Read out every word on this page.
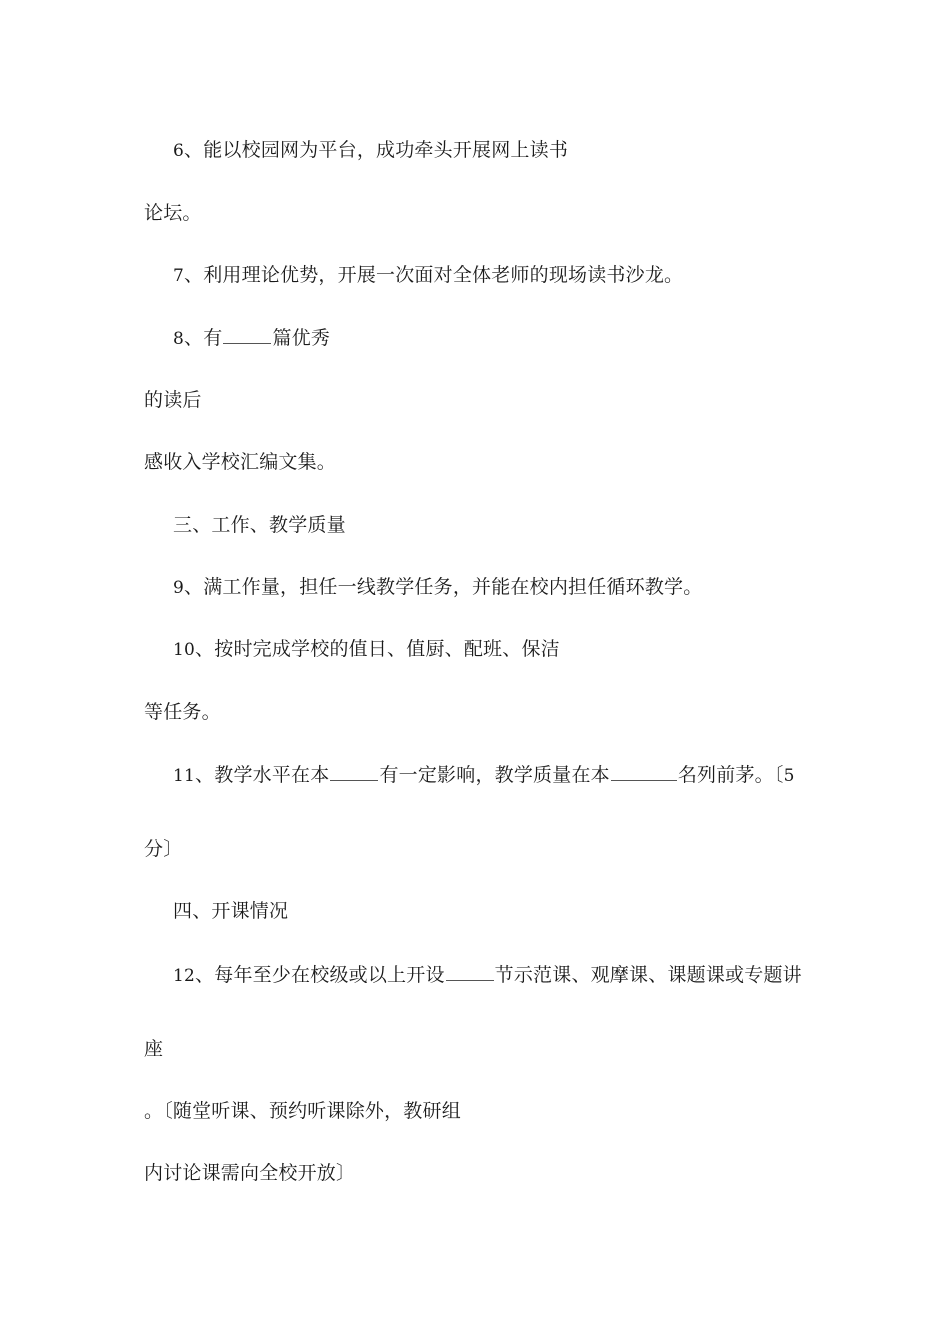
6、能以校园网为平台，成功牵头开展网上读书
论坛。
7、利用理论优势，开展一次面对全体老师的现场读书沙龙。
8、有	篇优秀
的读后
感收入学校汇编文集。
三、工作、教学质量
9、满工作量，担任一线教学任务，并能在校内担任循环教学。
10、按时完成学校的值日、值厨、配班、保洁
等任务。
11、教学水平在本	有一定影响，教学质量在本	名列前茅。〔5
分〕
四、开课情况
12、每年至少在校级或以上开设	节示范课、观摩课、课题课或专题讲
座
。〔随堂听课、预约听课除外，教研组
内讨论课需向全校开放〕
